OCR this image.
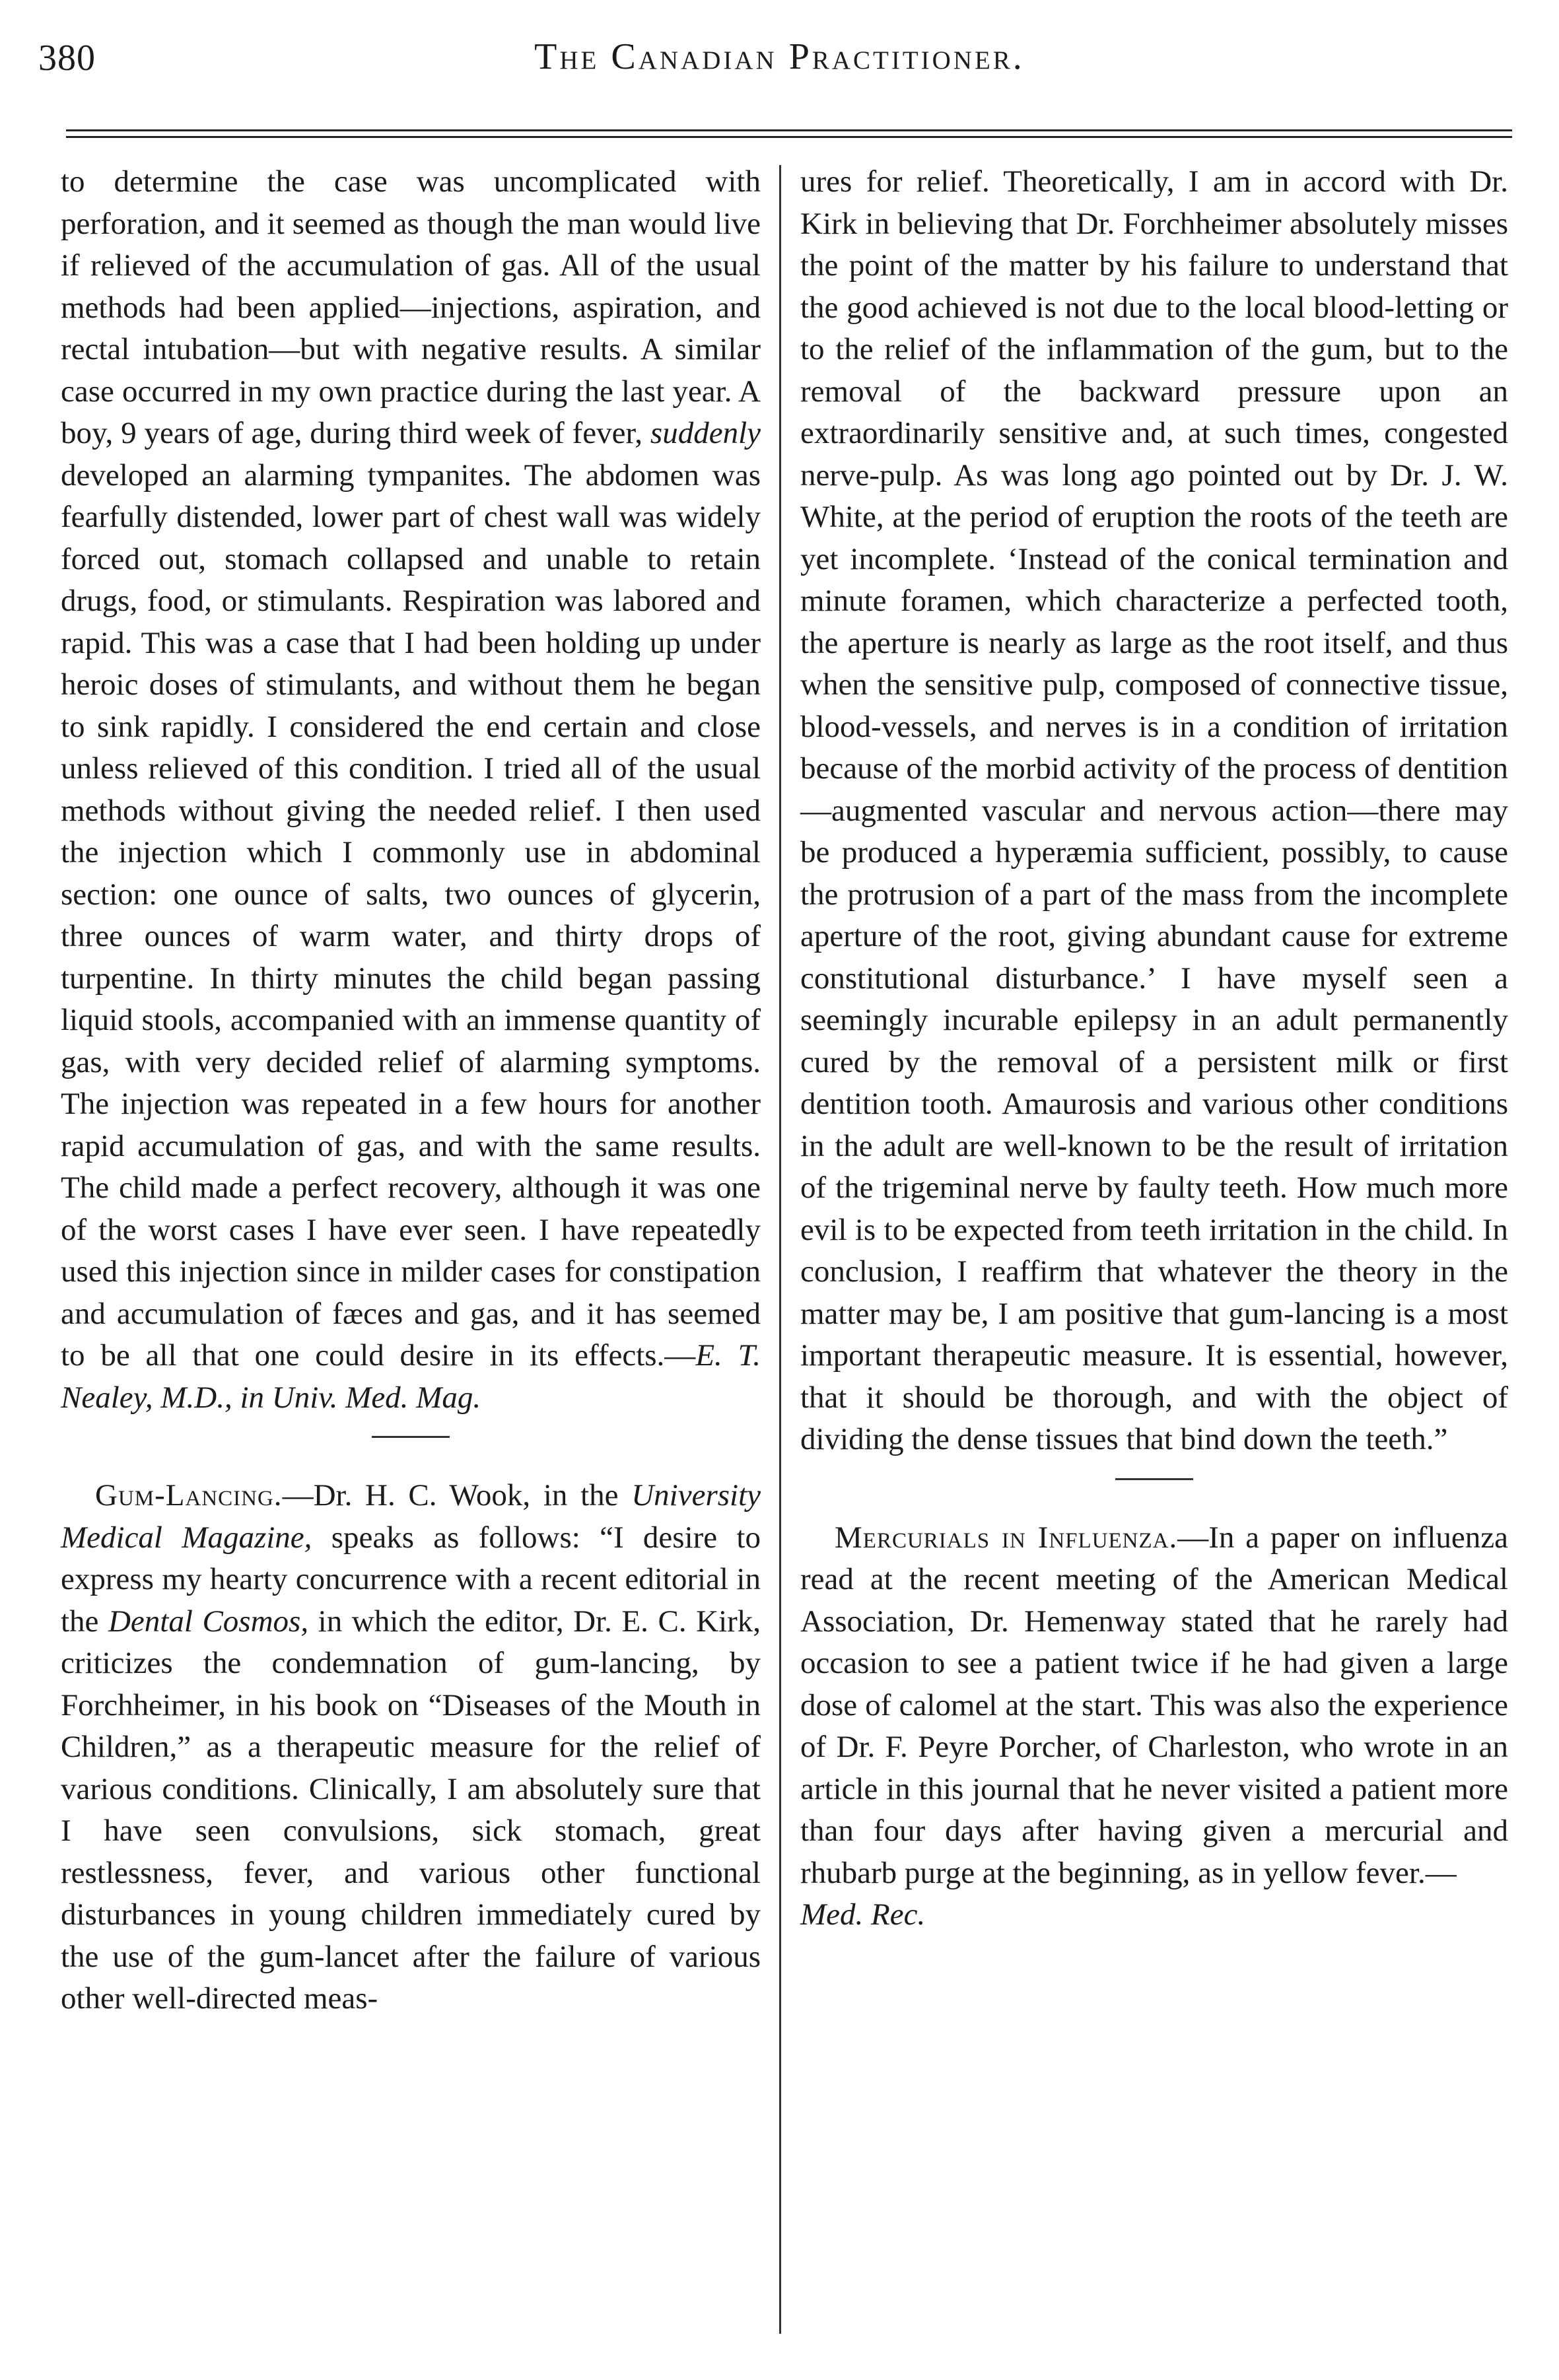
380	The Canadian Practitioner.

to determine the case was uncomplicated with perforation, and it seemed as though the man would live if relieved of the accumulation of gas. All of the usual methods had been applied—injections, aspiration, and rectal intubation—but with negative results. A similar case occurred in my own practice during the last year. A boy, 9 years of age, during third week of fever, suddenly developed an alarming tympanites. The abdomen was fearfully distended, lower part of chest wall was widely forced out, stomach collapsed and unable to retain drugs, food, or stimulants. Respiration was labored and rapid. This was a case that I had been holding up under heroic doses of stimulants, and without them he began to sink rapidly. I considered the end certain and close unless relieved of this condition. I tried all of the usual methods without giving the needed relief. I then used the injection which I commonly use in abdominal section: one ounce of salts, two ounces of glycerin, three ounces of warm water, and thirty drops of turpentine. In thirty minutes the child began passing liquid stools, accompanied with an immense quantity of gas, with very decided relief of alarming symptoms. The injection was repeated in a few hours for another rapid accumulation of gas, and with the same results. The child made a perfect recovery, although it was one of the worst cases I have ever seen. I have repeatedly used this injection since in milder cases for constipation and accumulation of fæces and gas, and it has seemed to be all that one could desire in its effects.—E. T. Nealey, M.D., in Univ. Med. Mag.

Gum-Lancing.—Dr. H. C. Wook, in the University Medical Magazine, speaks as follows: “I desire to express my hearty concurrence with a recent editorial in the Dental Cosmos, in which the editor, Dr. E. C. Kirk, criticizes the condemnation of gum-lancing, by Forchheimer, in his book on “Diseases of the Mouth in Children,” as a therapeutic measure for the relief of various conditions. Clinically, I am absolutely sure that I have seen convulsions, sick stomach, great restlessness, fever, and various other functional disturbances in young children immediately cured by the use of the gum-lancet after the failure of various other well-directed meas-

ures for relief. Theoretically, I am in accord with Dr. Kirk in believing that Dr. Forchheimer absolutely misses the point of the matter by his failure to understand that the good achieved is not due to the local blood-letting or to the relief of the inflammation of the gum, but to the removal of the backward pressure upon an extraordinarily sensitive and, at such times, congested nerve-pulp. As was long ago pointed out by Dr. J. W. White, at the period of eruption the roots of the teeth are yet incomplete. ‘Instead of the conical termination and minute foramen, which characterize a perfected tooth, the aperture is nearly as large as the root itself, and thus when the sensitive pulp, composed of connective tissue, blood-vessels, and nerves is in a condition of irritation because of the morbid activity of the process of dentition—augmented vascular and nervous action—there may be produced a hyperæmia sufficient, possibly, to cause the protrusion of a part of the mass from the incomplete aperture of the root, giving abundant cause for extreme constitutional disturbance.’ I have myself seen a seemingly incurable epilepsy in an adult permanently cured by the removal of a persistent milk or first dentition tooth. Amaurosis and various other conditions in the adult are well-known to be the result of irritation of the trigeminal nerve by faulty teeth. How much more evil is to be expected from teeth irritation in the child. In conclusion, I reaffirm that whatever the theory in the matter may be, I am positive that gum-lancing is a most important therapeutic measure. It is essential, however, that it should be thorough, and with the object of dividing the dense tissues that bind down the teeth.”

Mercurials in Influenza.—In a paper on influenza read at the recent meeting of the American Medical Association, Dr. Hemenway stated that he rarely had occasion to see a patient twice if he had given a large dose of calomel at the start. This was also the experience of Dr. F. Peyre Porcher, of Charleston, who wrote in an article in this journal that he never visited a patient more than four days after having given a mercurial and rhubarb purge at the beginning, as in yellow fever.—
Med. Rec.
